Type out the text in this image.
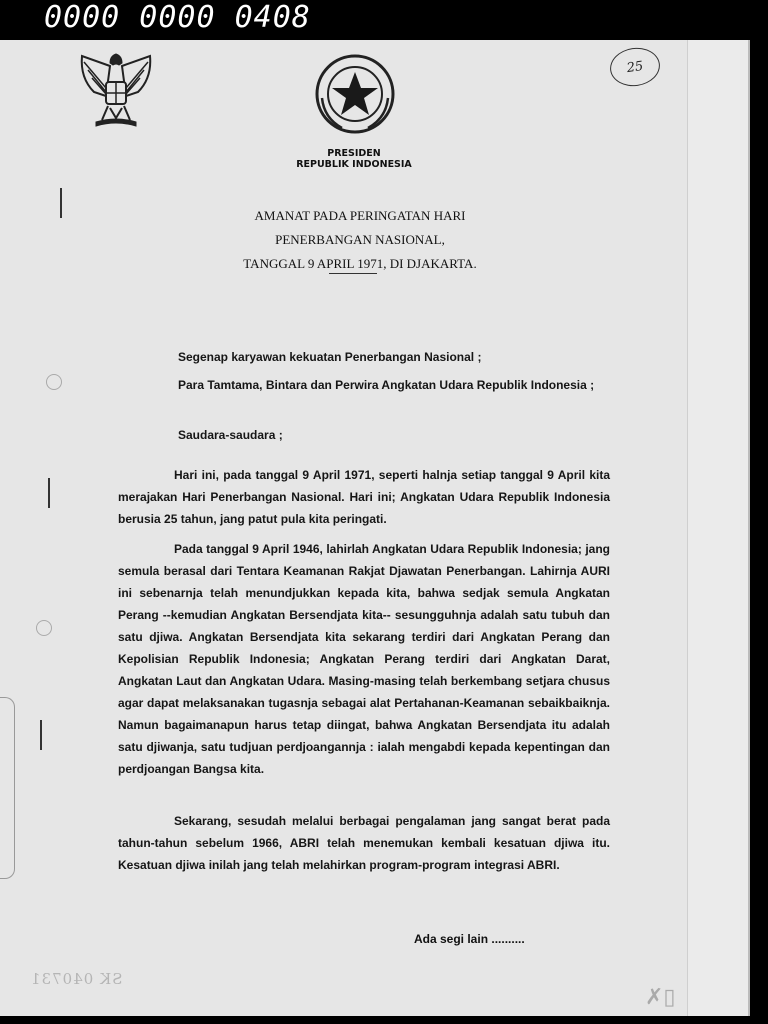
0000 0000 0408
25
PRESIDEN
REPUBLIK INDONESIA
AMANAT PADA PERINGATAN HARI
PENERBANGAN NASIONAL,
TANGGAL 9 APRIL 1971, DI DJAKARTA.
Segenap karyawan kekuatan Penerbangan Nasional ;
Para Tamtama, Bintara dan Perwira Angkatan Udara Republik Indonesia ;
Saudara-saudara ;
Hari ini, pada tanggal 9 April 1971, seperti halnja setiap tanggal 9 April kita merajakan Hari Penerbangan Nasional. Hari ini; Angkatan Udara Republik Indonesia berusia 25 tahun, jang patut pula kita peringati.
Pada tanggal 9 April 1946, lahirlah Angkatan Udara Republik Indonesia; jang semula berasal dari Tentara Keamanan Rakjat Djawatan Penerbangan. Lahirnja AURI ini sebenarnja telah menundjukkan kepada kita, bahwa sedjak semula Angkatan Perang --kemudian Angkatan Bersendjata kita-- sesungguhnja adalah satu tubuh dan satu djiwa. Angkatan Bersendjata kita sekarang terdiri dari Angkatan Perang dan Kepolisian Republik Indonesia; Angkatan Perang terdiri dari Angkatan Darat, Angkatan Laut dan Angkatan Udara. Masing-masing telah berkembang setjara chusus agar dapat melaksanakan tugasnja sebagai alat Pertahanan-Keamanan sebaikbaiknja. Namun bagaimanapun harus tetap diingat, bahwa Angkatan Bersendjata itu adalah satu djiwanja, satu tudjuan perdjoangannja : ialah mengabdi kepada kepentingan dan perdjoangan Bangsa kita.
Sekarang, sesudah melalui berbagai pengalaman jang sangat berat pada tahun-tahun sebelum 1966, ABRI telah menemukan kembali kesatuan djiwa itu. Kesatuan djiwa inilah jang telah melahirkan program-program integrasi ABRI.
Ada segi lain ..........
SK 040731
✗▯
